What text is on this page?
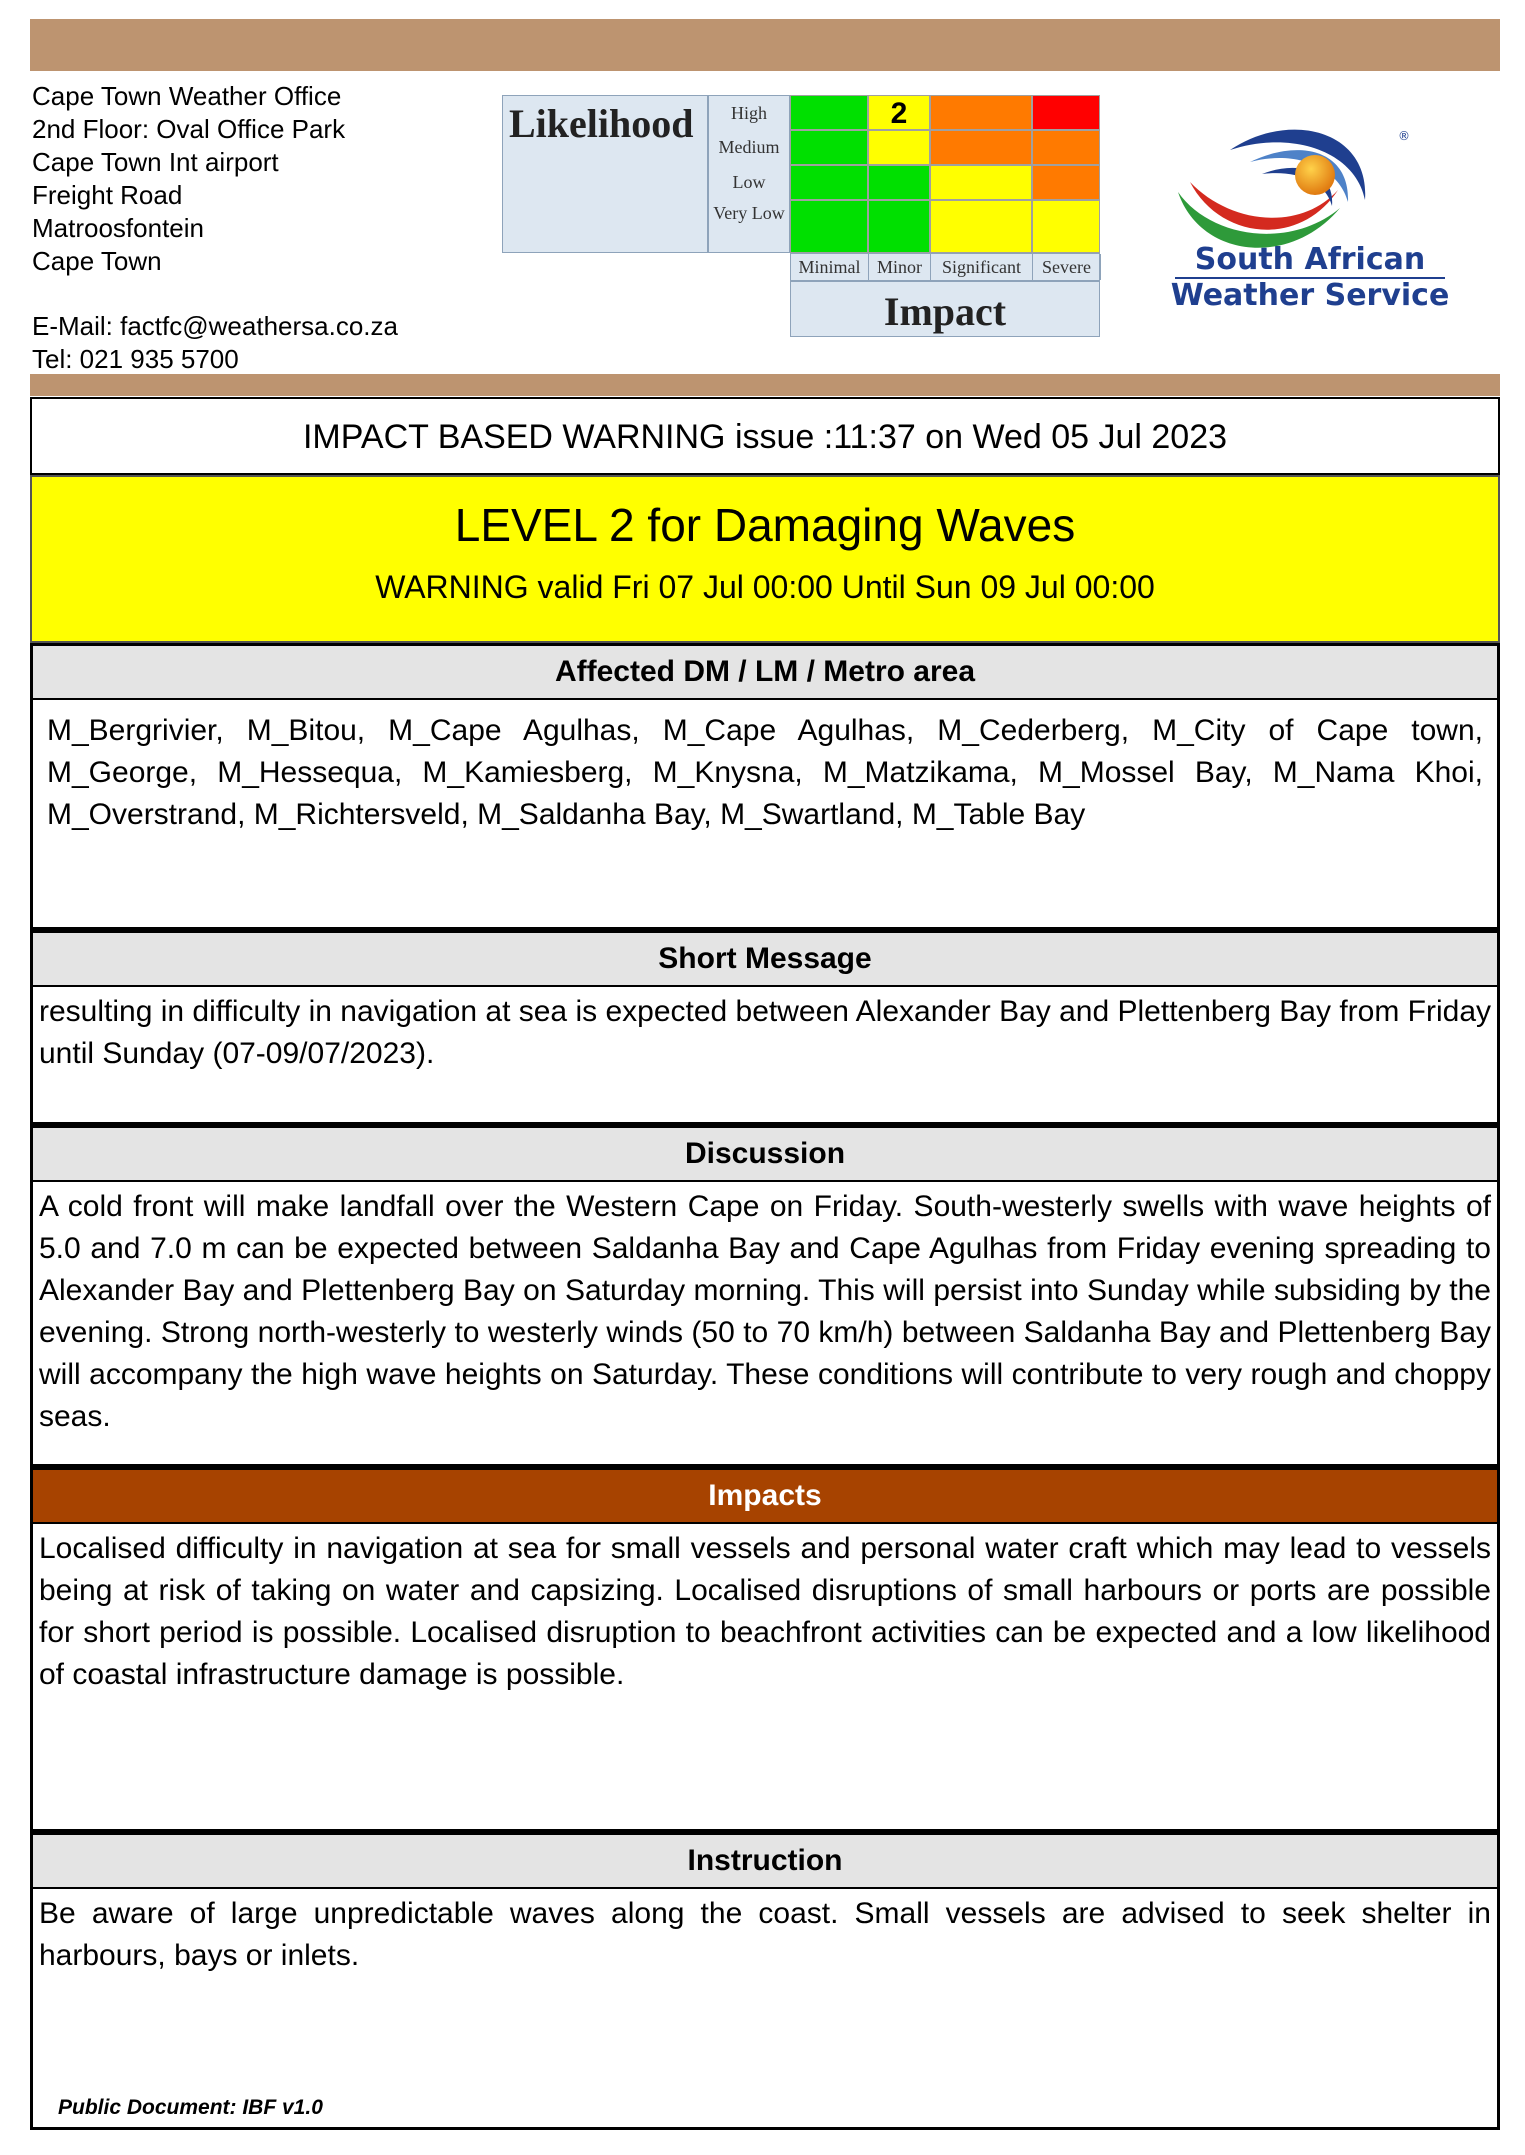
Cape Town Weather Office
2nd Floor: Oval Office Park
Cape Town Int airport
Freight Road
Matroosfontein
Cape Town
E-Mail: factfc@weathersa.co.za
Tel: 021 935 5700
Likelihood	High
Medium
Low
Very Low
2
Minimal Minor	Significant	Severe
Impact
®
South African
Weather Service
IMPACT BASED WARNING issue :11:37 on Wed 05 Jul 2023
LEVEL 2 for Damaging Waves
WARNING valid Fri 07 Jul 00:00 Until Sun 09 Jul 00:00
Affected DM / LM / Metro area
M_Bergrivier, M_Bitou, M_Cape Agulhas, M_Cape Agulhas, M_Cederberg, M_City of Cape town, M_George, M_Hessequa, M_Kamiesberg, M_Knysna, M_Matzikama, M_Mossel Bay, M_Nama Khoi, M_Overstrand, M_Richtersveld, M_Saldanha Bay, M_Swartland, M_Table Bay
Short Message
resulting in difficulty in navigation at sea is expected between Alexander Bay and Plettenberg Bay from Friday until Sunday (07-09/07/2023).
Discussion
A cold front will make landfall over the Western Cape on Friday. South-westerly swells with wave heights of 5.0 and 7.0 m can be expected between Saldanha Bay and Cape Agulhas from Friday evening spreading to Alexander Bay and Plettenberg Bay on Saturday morning. This will persist into Sunday while subsiding by the evening. Strong north-westerly to westerly winds (50 to 70 km/h) between Saldanha Bay and Plettenberg Bay will accompany the high wave heights on Saturday. These conditions will contribute to very rough and choppy seas.
Impacts
Localised difficulty in navigation at sea for small vessels and personal water craft which may lead to vessels being at risk of taking on water and capsizing. Localised disruptions of small harbours or ports are possible for short period is possible. Localised disruption to beachfront activities can be expected and a low likelihood of coastal infrastructure damage is possible.
Instruction
Be aware of large unpredictable waves along the coast. Small vessels are advised to seek shelter in harbours, bays or inlets.
Public Document: IBF v1.0
